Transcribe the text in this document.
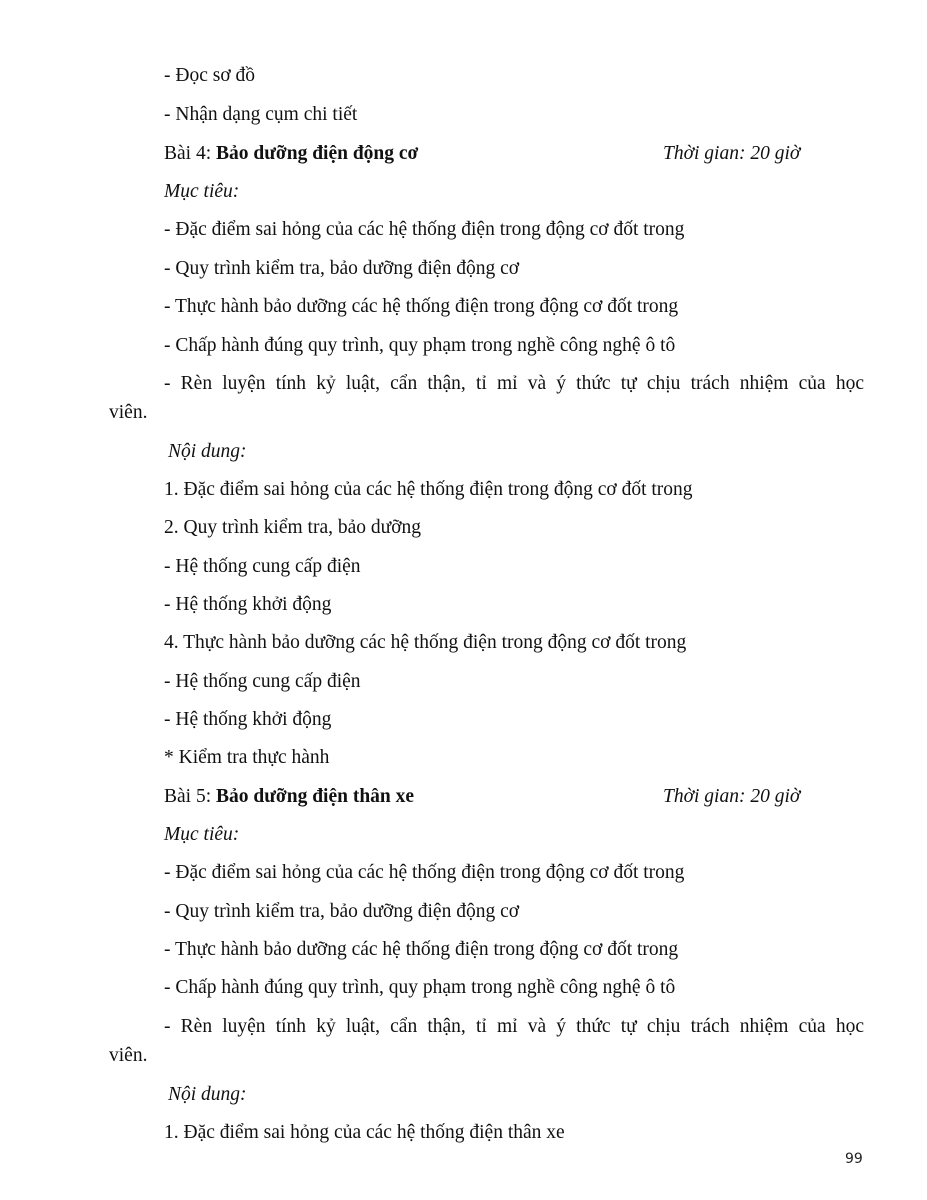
- Đọc sơ đồ
- Nhận dạng cụm chi tiết
Bài 4: Bảo dưỡng điện động cơ	Thời gian: 20 giờ
Mục tiêu:
- Đặc điểm sai hỏng của các hệ thống điện trong động cơ đốt trong
- Quy trình kiểm tra, bảo dưỡng điện động cơ
- Thực hành bảo dưỡng các hệ thống điện trong động cơ đốt trong
- Chấp hành đúng quy trình, quy phạm trong nghề công nghệ ô tô
- Rèn luyện tính kỷ luật, cẩn thận, tỉ mỉ và ý thức tự chịu trách nhiệm của học
viên.
Nội dung:
1. Đặc điểm sai hỏng của các hệ thống điện trong động cơ đốt trong
2. Quy trình kiểm tra, bảo dưỡng
- Hệ thống cung cấp điện
- Hệ thống khởi động
4. Thực hành bảo dưỡng các hệ thống điện trong động cơ đốt trong
- Hệ thống cung cấp điện
- Hệ thống khởi động
* Kiểm tra thực hành
Bài 5: Bảo dưỡng điện thân xe	Thời gian: 20 giờ
Mục tiêu:
- Đặc điểm sai hỏng của các hệ thống điện trong động cơ đốt trong
- Quy trình kiểm tra, bảo dưỡng điện động cơ
- Thực hành bảo dưỡng các hệ thống điện trong động cơ đốt trong
- Chấp hành đúng quy trình, quy phạm trong nghề công nghệ ô tô
- Rèn luyện tính kỷ luật, cẩn thận, tỉ mỉ và ý thức tự chịu trách nhiệm của học
viên.
Nội dung:
1. Đặc điểm sai hỏng của các hệ thống điện thân xe
99
